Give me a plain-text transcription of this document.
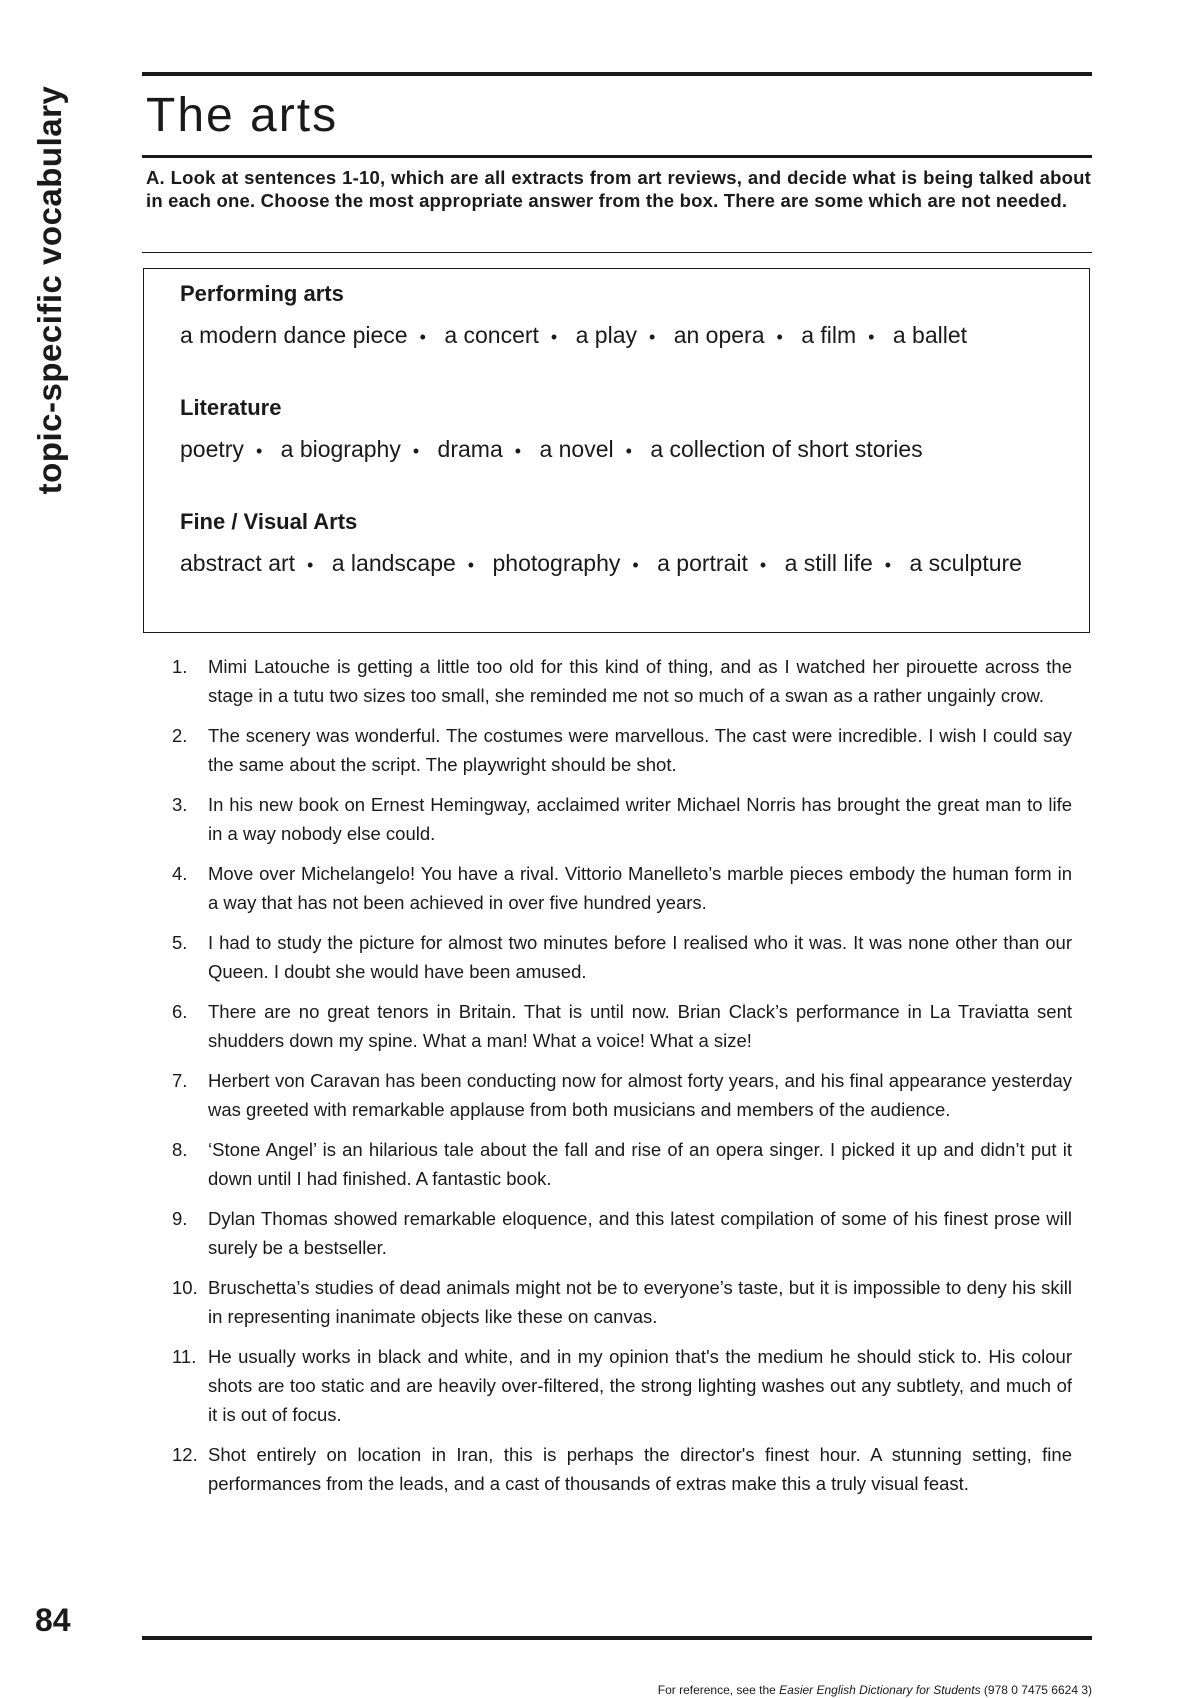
topic-specific vocabulary
84
The arts

A. Look at sentences 1-10, which are all extracts from art reviews, and decide what is being talked about in each one. Choose the most appropriate answer from the box. There are some which are not needed.

Performing arts

a modern dance piece • a concert • a play • an opera • a film • a ballet

Literature

poetry • a biography • drama • a novel • a collection of short stories

Fine / Visual Arts

abstract art • a landscape • photography • a portrait • a still life • a sculpture

1. Mimi Latouche is getting a little too old for this kind of thing, and as I watched her pirouette across the stage in a tutu two sizes too small, she reminded me not so much of a swan as a rather ungainly crow.
2. The scenery was wonderful. The costumes were marvellous. The cast were incredible. I wish I could say the same about the script. The playwright should be shot.
3. In his new book on Ernest Hemingway, acclaimed writer Michael Norris has brought the great man to life in a way nobody else could.
4. Move over Michelangelo! You have a rival. Vittorio Manelleto’s marble pieces embody the human form in a way that has not been achieved in over five hundred years.
5. I had to study the picture for almost two minutes before I realised who it was. It was none other than our Queen. I doubt she would have been amused.
6. There are no great tenors in Britain. That is until now. Brian Clack’s performance in La Traviatta sent shudders down my spine. What a man! What a voice! What a size!
7. Herbert von Caravan has been conducting now for almost forty years, and his final appearance yesterday was greeted with remarkable applause from both musicians and members of the audience.
8. ‘Stone Angel’ is an hilarious tale about the fall and rise of an opera singer. I picked it up and didn’t put it down until I had finished. A fantastic book.
9. Dylan Thomas showed remarkable eloquence, and this latest compilation of some of his finest prose will surely be a bestseller.
10. Bruschetta’s studies of dead animals might not be to everyone’s taste, but it is impossible to deny his skill in representing inanimate objects like these on canvas.
11. He usually works in black and white, and in my opinion that's the medium he should stick to. His colour shots are too static and are heavily over-filtered, the strong lighting washes out any subtlety, and much of it is out of focus.
12. Shot entirely on location in Iran, this is perhaps the director's finest hour. A stunning setting, fine performances from the leads, and a cast of thousands of extras make this a truly visual feast.
For reference, see the Easier English Dictionary for Students (978 0 7475 6624 3)
